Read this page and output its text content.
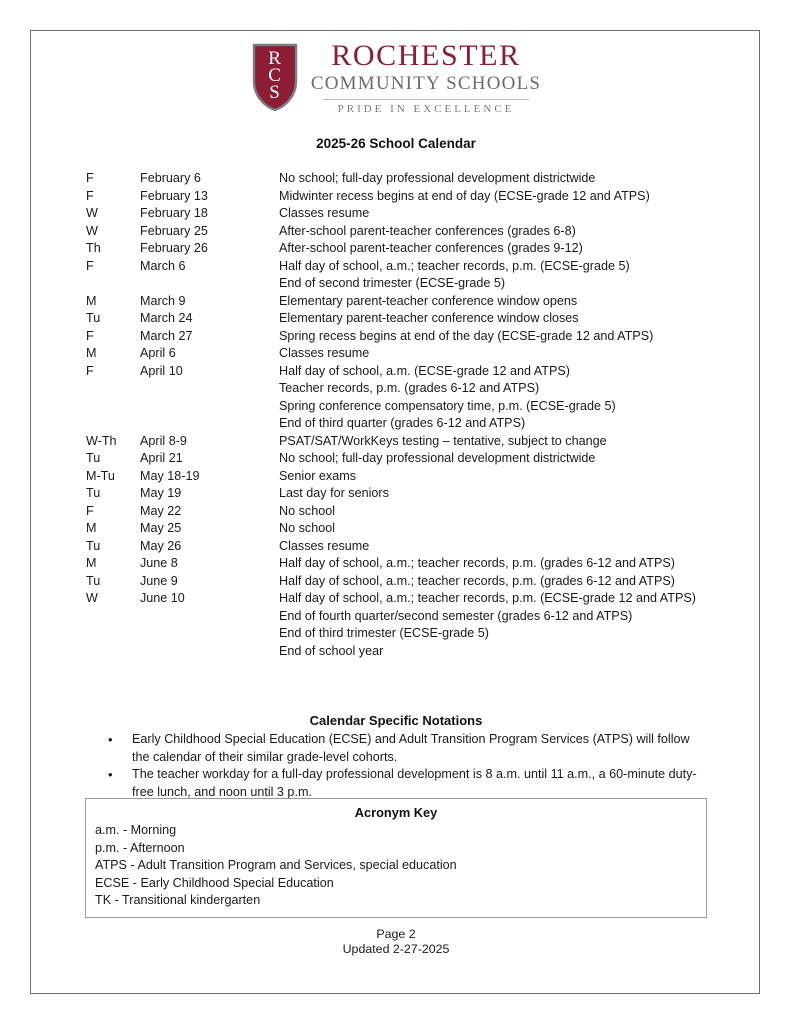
R
C
S
ROCHESTER
COMMUNITY SCHOOLS
PRIDE IN EXCELLENCE
2025-26 School Calendar
F	February 6	No school; full-day professional development districtwide
F	February 13	Midwinter recess begins at end of day (ECSE-grade 12 and ATPS)
W	February 18	Classes resume
W	February 25	After-school parent-teacher conferences (grades 6-8)
Th	February 26	After-school parent-teacher conferences (grades 9-12)
F	March 6	Half day of school, a.m.; teacher records, p.m. (ECSE-grade 5)
End of second trimester (ECSE-grade 5)
M	March 9	Elementary parent-teacher conference window opens
Tu	March 24	Elementary parent-teacher conference window closes
F	March 27	Spring recess begins at end of the day (ECSE-grade 12 and ATPS)
M	April 6	Classes resume
F	April 10	Half day of school, a.m. (ECSE-grade 12 and ATPS)
Teacher records, p.m. (grades 6-12 and ATPS)
Spring conference compensatory time, p.m. (ECSE-grade 5)
End of third quarter (grades 6-12 and ATPS)
W-Th	April 8-9	PSAT/SAT/WorkKeys testing – tentative, subject to change
Tu	April 21	No school; full-day professional development districtwide
M-Tu	May 18-19	Senior exams
Tu	May 19	Last day for seniors
F	May 22	No school
M	May 25	No school
Tu	May 26	Classes resume
M	June 8	Half day of school, a.m.; teacher records, p.m. (grades 6-12 and ATPS)
Tu	June 9	Half day of school, a.m.; teacher records, p.m. (grades 6-12 and ATPS)
W	June 10	Half day of school, a.m.; teacher records, p.m. (ECSE-grade 12 and ATPS)
End of fourth quarter/second semester (grades 6-12 and ATPS)
End of third trimester (ECSE-grade 5)
End of school year
Calendar Specific Notations
• Early Childhood Special Education (ECSE) and Adult Transition Program Services (ATPS) will follow the calendar of their similar grade-level cohorts.
• The teacher workday for a full-day professional development is 8 a.m. until 11 a.m., a 60-minute duty-free lunch, and noon until 3 p.m.
Acronym Key
a.m. - Morning
p.m. - Afternoon
ATPS - Adult Transition Program and Services, special education
ECSE - Early Childhood Special Education
TK - Transitional kindergarten
Page 2
Updated 2-27-2025
